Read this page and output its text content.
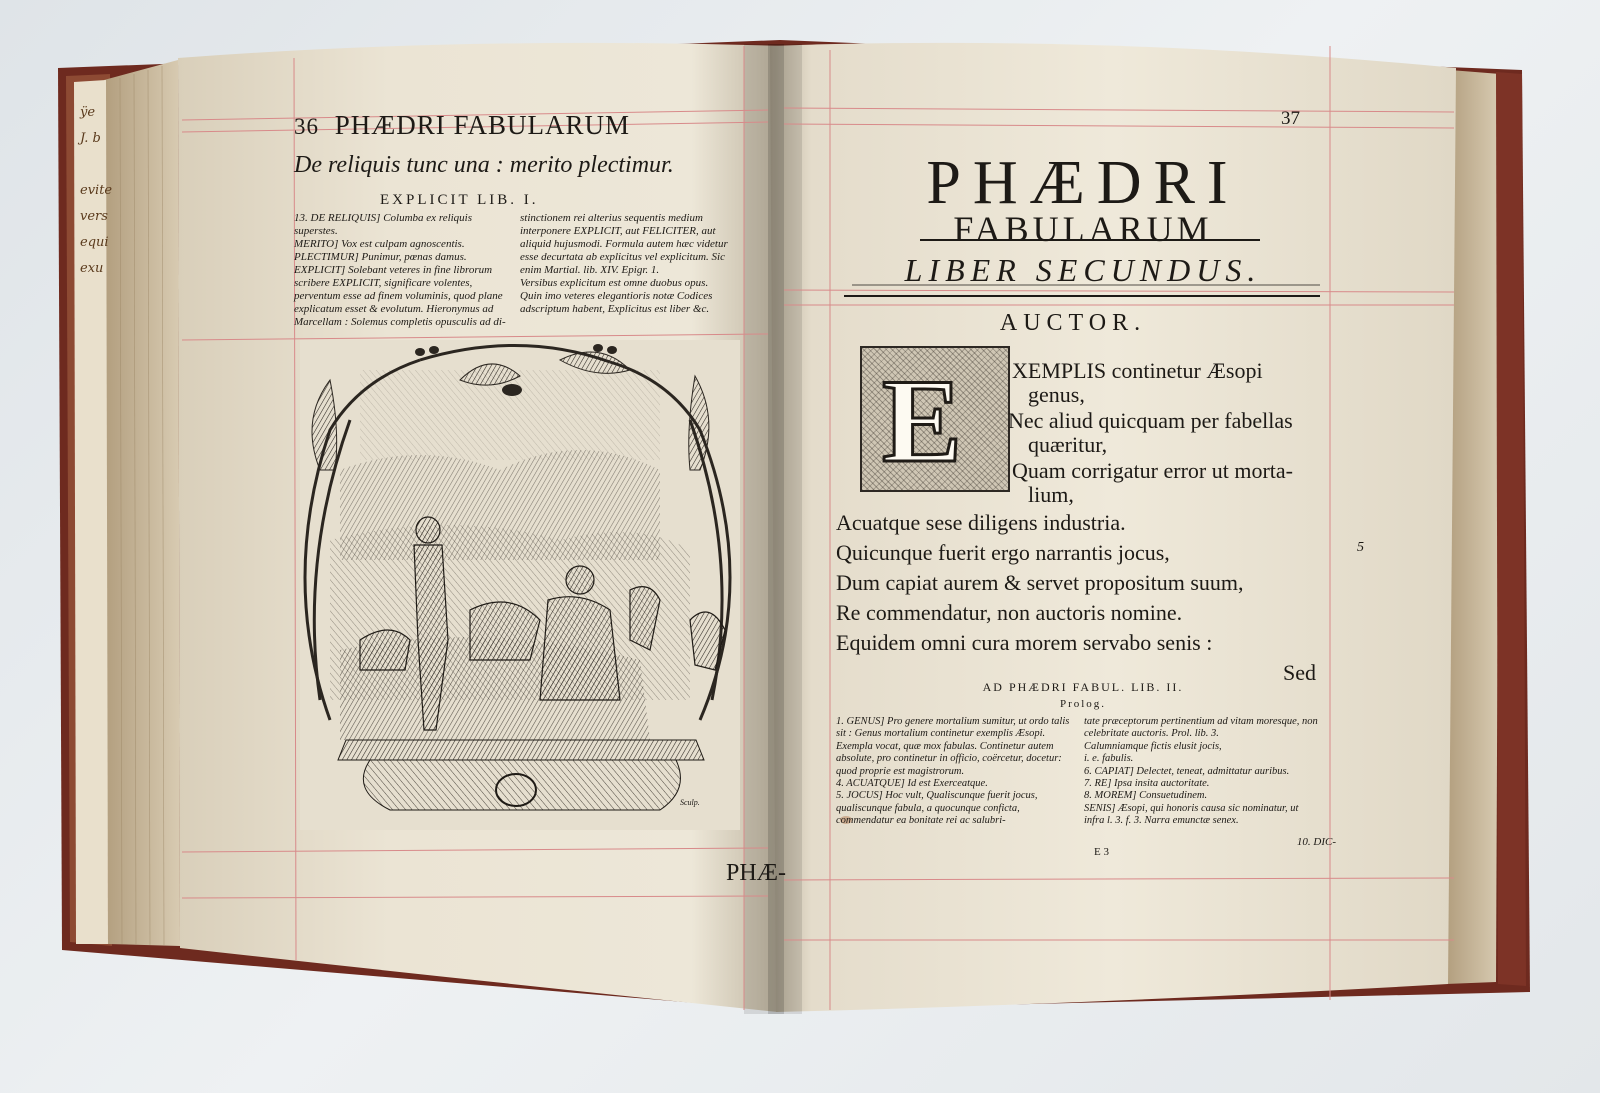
ÿe
J. b

evite
vers
equi
exu
36 PHÆDRI FABULARUM
De reliquis tunc una : merito plectimur.
EXPLICIT LIB. I.
13. DE RELIQUIS] Columba ex reliquis superstes.
MERITO] Vox est culpam agnoscentis.
PLECTIMUR] Punimur, pœnas damus.
EXPLICIT] Solebant veteres in fine librorum scribere EXPLICIT, significare volentes, perventum esse ad finem voluminis, quod plane explicatum esset & evolutum. Hieronymus ad Marcellam : Solemus completis opusculis ad di-
stinctionem rei alterius sequentis medium interponere EXPLICIT, aut FELICITER, aut aliquid hujusmodi. Formula autem hæc videtur esse decurtata ab explicitus vel explicitum. Sic enim Martial. lib. XIV. Epigr. 1.
Versibus explicitum est omne duobus opus.
Quin imo veteres elegantioris notæ Codices adscriptum habent, Explicitus est liber &c.
Sculp.
PHÆ-
37
PHÆDRI
FABULARUM
LIBER SECUNDUS.
AUCTOR.
E XEMPLIS continetur Æsopi
genus,
Nec aliud quicquam per fabellas
quæritur,
Quam corrigatur error ut morta-
lium,
Acuatque sese diligens industria.
Quicunque fuerit ergo narrantis jocus,
Dum capiat aurem & servet propositum suum,
Re commendatur, non auctoris nomine.
Equidem omni cura morem servabo senis :
5
Sed
AD PHÆDRI FABUL. LIB. II.
Prolog.
1. GENUS] Pro genere mortalium sumitur, ut ordo talis sit : Genus mortalium continetur exemplis Æsopi. Exempla vocat, quæ mox fabulas. Continetur autem absolute, pro continetur in officio, coërcetur, docetur: quod proprie est magistrorum.
4. ACUATQUE] Id est Exerceatque.
5. JOCUS] Hoc vult, Qualiscunque fuerit jocus, qualiscunque fabula, a quocunque conficta, commendatur ea bonitate rei ac salubri-
tate præceptorum pertinentium ad vitam moresque, non celebritate auctoris. Prol. lib. 3.
Calumniamque fictis elusit jocis,
i. e. fabulis.
6. CAPIAT] Delectet, teneat, admittatur auribus.
7. RE] Ipsa insita auctoritate.
8. MOREM] Consuetudinem.
SENIS] Æsopi, qui honoris causa sic nominatur, ut infra l. 3. f. 3. Narra emunctæ senex.
E 3
10. DIC-
